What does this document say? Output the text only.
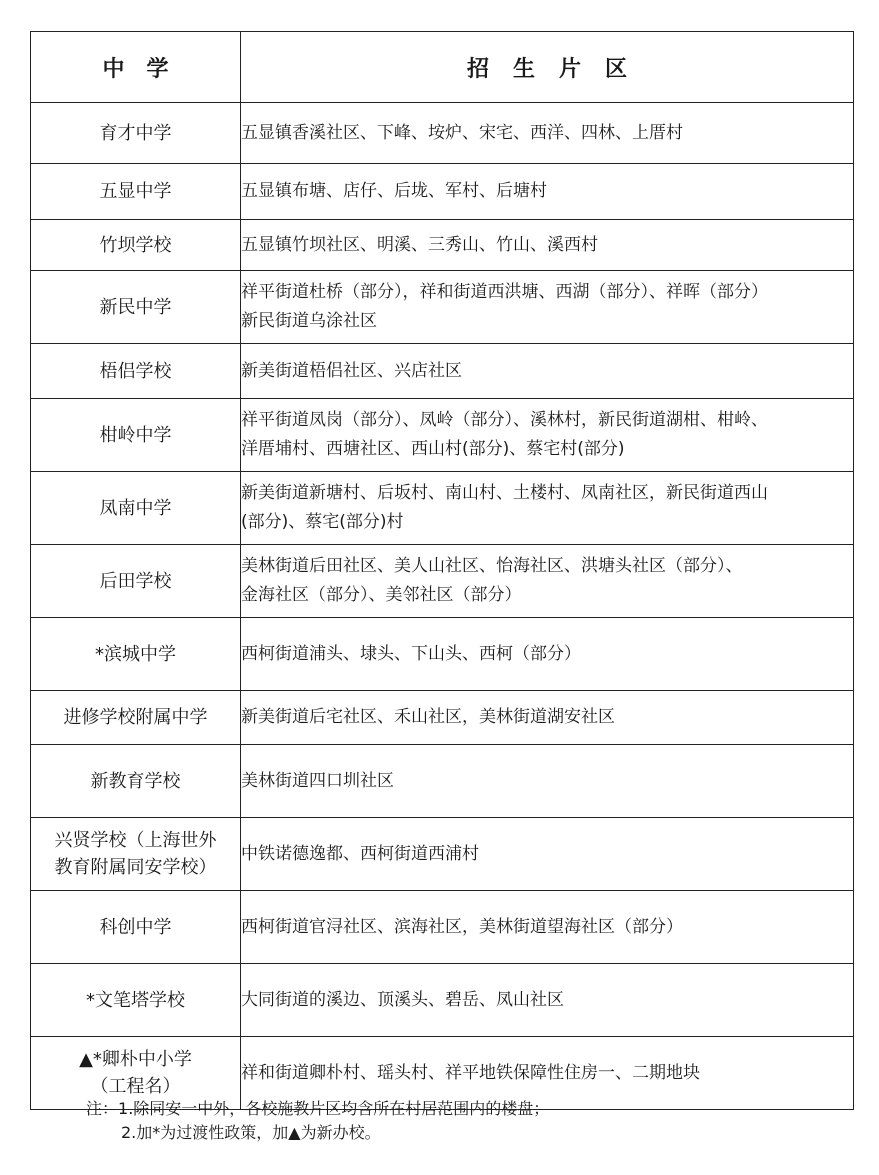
中学	招生片区

育才中学	五显镇香溪社区、下峰、垵炉、宋宅、西洋、四林、上厝村

五显中学	五显镇布塘、店仔、后垅、军村、后塘村

竹坝学校	五显镇竹坝社区、明溪、三秀山、竹山、溪西村

新民中学	祥平街道杜桥（部分），祥和街道西洪塘、西湖（部分）、祥晖（部分）
新民街道乌涂社区

梧侣学校	新美街道梧侣社区、兴店社区

柑岭中学	祥平街道凤岗（部分）、凤岭（部分）、溪林村，新民街道湖柑、柑岭、
洋厝埔村、西塘社区、西山村(部分)、蔡宅村(部分)

凤南中学	新美街道新塘村、后坂村、南山村、土楼村、凤南社区，新民街道西山
(部分)、蔡宅(部分)村

后田学校	美林街道后田社区、美人山社区、怡海社区、洪塘头社区（部分）、
金海社区（部分）、美邻社区（部分）

*滨城中学	西柯街道浦头、埭头、下山头、西柯（部分）

进修学校附属中学	新美街道后宅社区、禾山社区，美林街道湖安社区

新教育学校	美林街道四口圳社区

兴贤学校（上海世外
教育附属同安学校）	中铁诺德逸都、西柯街道西浦村

科创中学	西柯街道官浔社区、滨海社区，美林街道望海社区（部分）

*文笔塔学校	大同街道的溪边、顶溪头、碧岳、凤山社区

▲*卿朴中小学
（工程名）	祥和街道卿朴村、瑶头村、祥平地铁保障性住房一、二期地块
注：1.除同安一中外，各校施教片区均含所在村居范围内的楼盘；
2.加*为过渡性政策，加▲为新办校。
